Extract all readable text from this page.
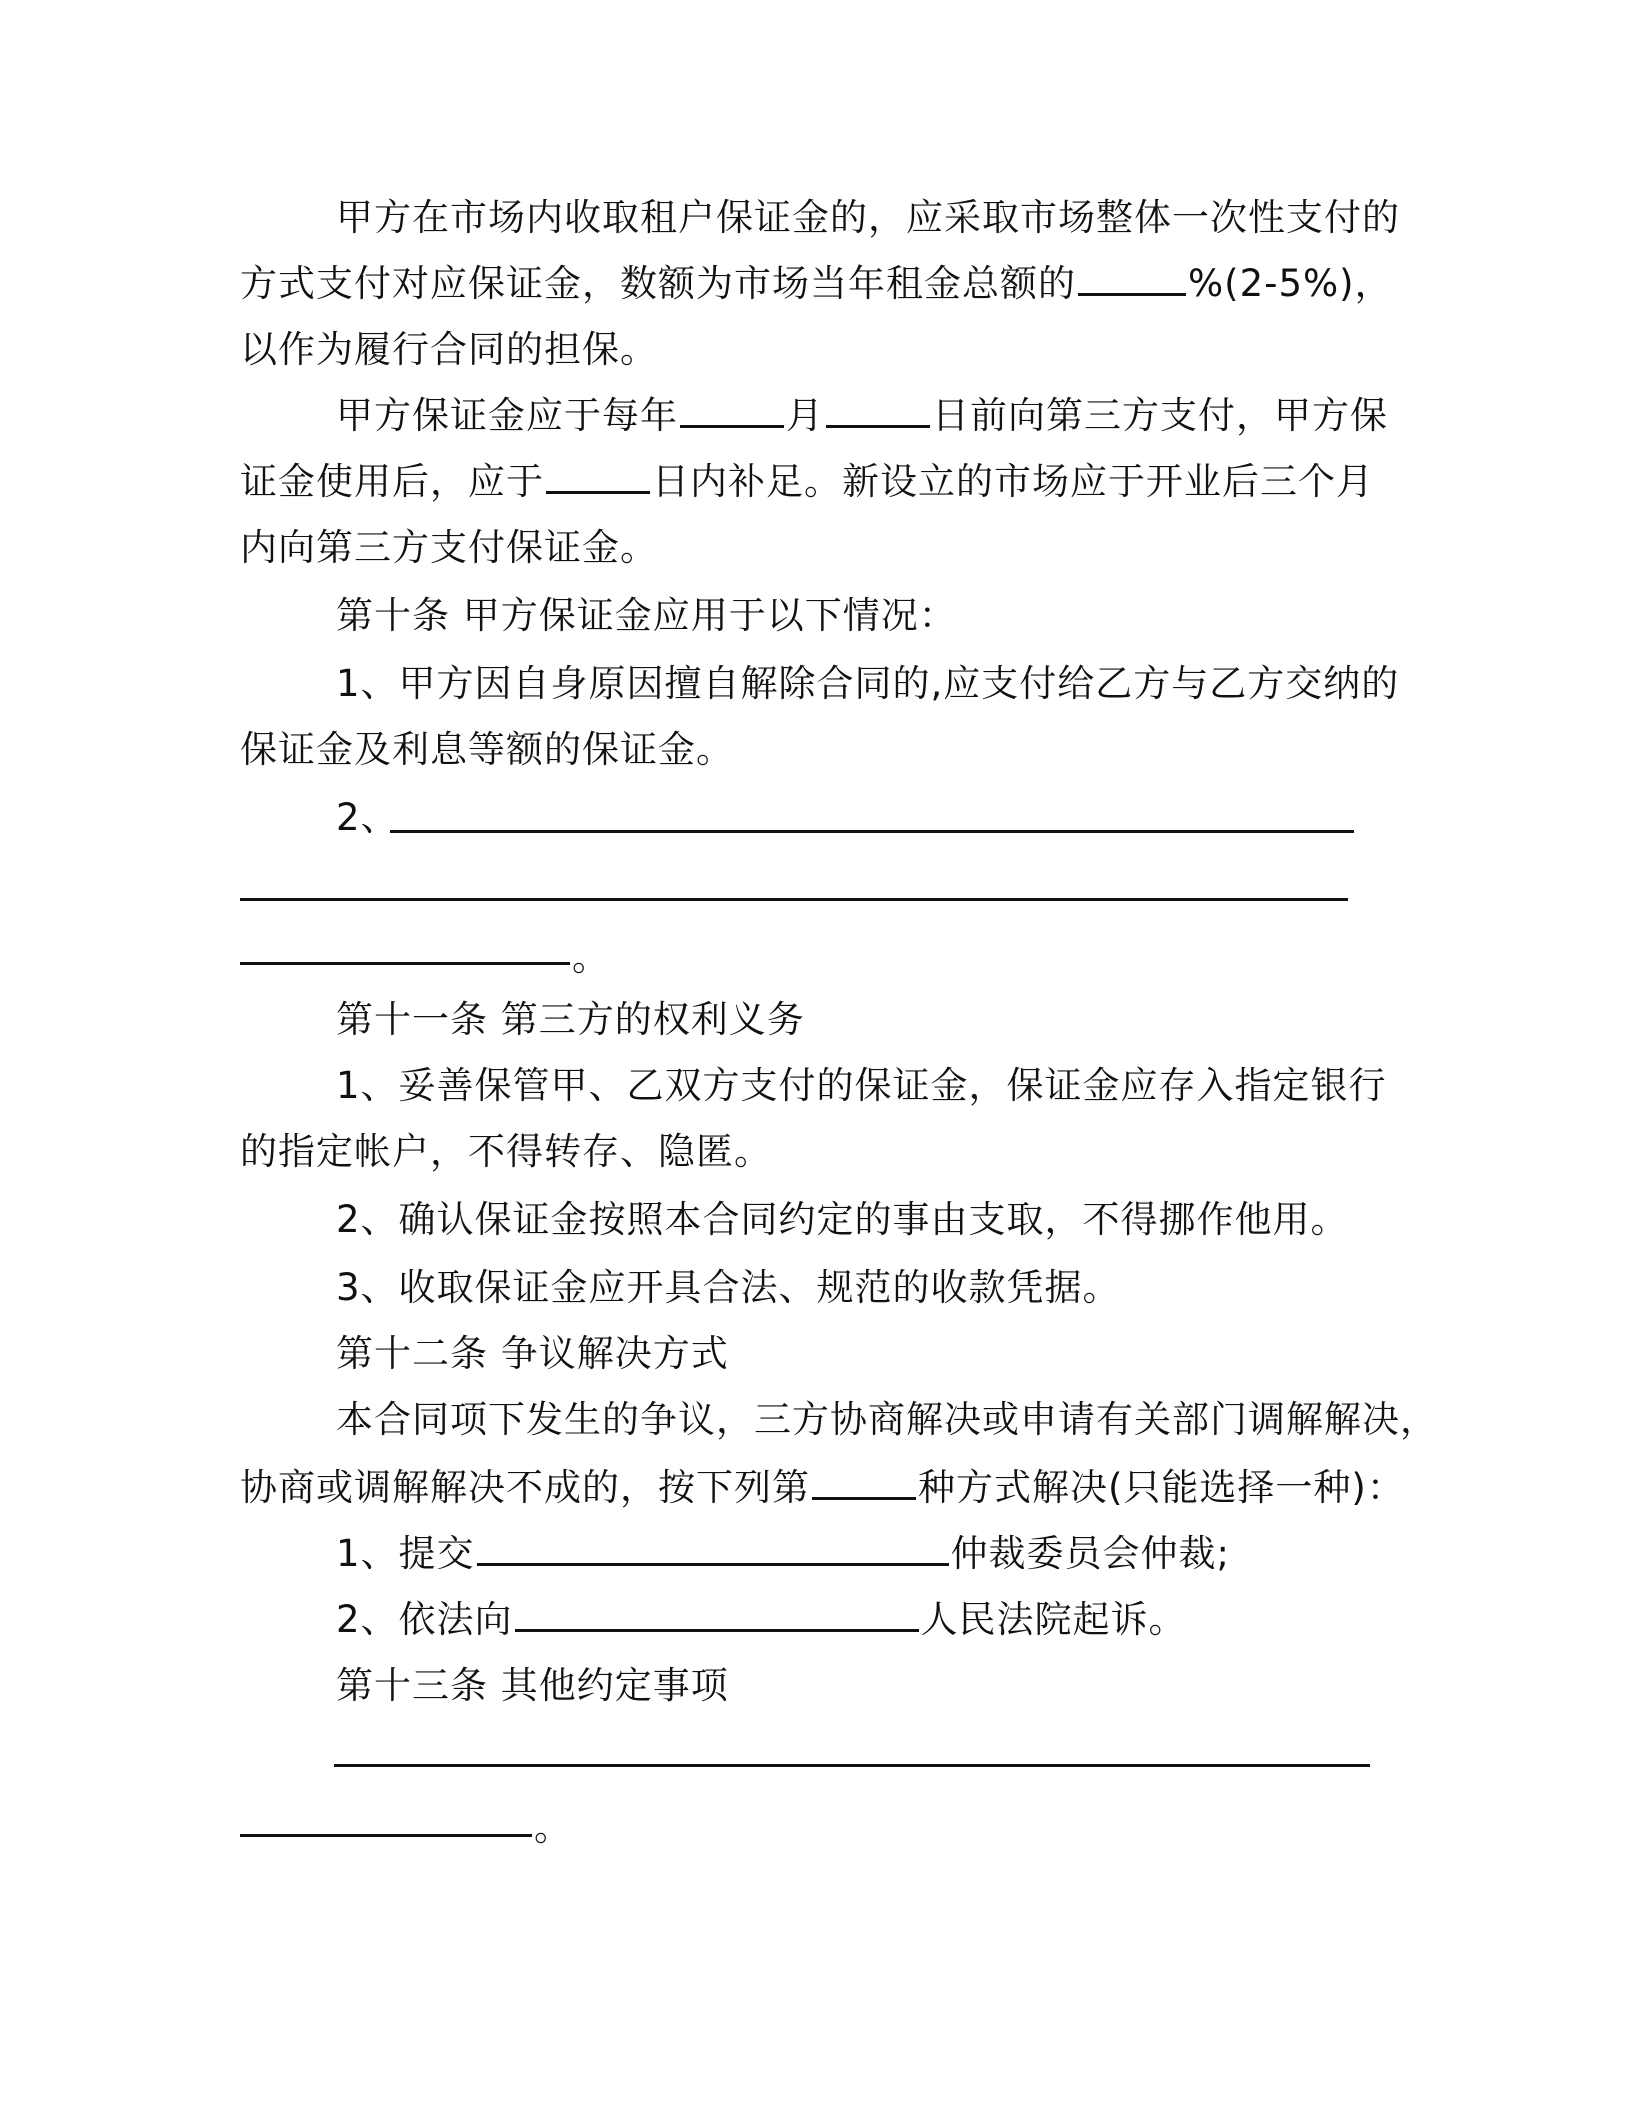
甲方在市场内收取租户保证金的，应采取市场整体一次性支付的
方式支付对应保证金，数额为市场当年租金总额的	%(2-5%)，
以作为履行合同的担保。
甲方保证金应于每年	月	日前向第三方支付，甲方保
证金使用后，应于	日内补足。新设立的市场应于开业后三个月
内向第三方支付保证金。
第十条 甲方保证金应用于以下情况：
1、甲方因自身原因擅自解除合同的,应支付给乙方与乙方交纳的
保证金及利息等额的保证金。
2、
。
第十一条 第三方的权利义务
1、妥善保管甲、乙双方支付的保证金，保证金应存入指定银行
的指定帐户，不得转存、隐匿。
2、确认保证金按照本合同约定的事由支取，不得挪作他用。
3、收取保证金应开具合法、规范的收款凭据。
第十二条 争议解决方式
本合同项下发生的争议，三方协商解决或申请有关部门调解解决，
协商或调解解决不成的，按下列第	种方式解决(只能选择一种)：
1、提交	仲裁委员会仲裁;
2、依法向	人民法院起诉。
第十三条 其他约定事项
。
